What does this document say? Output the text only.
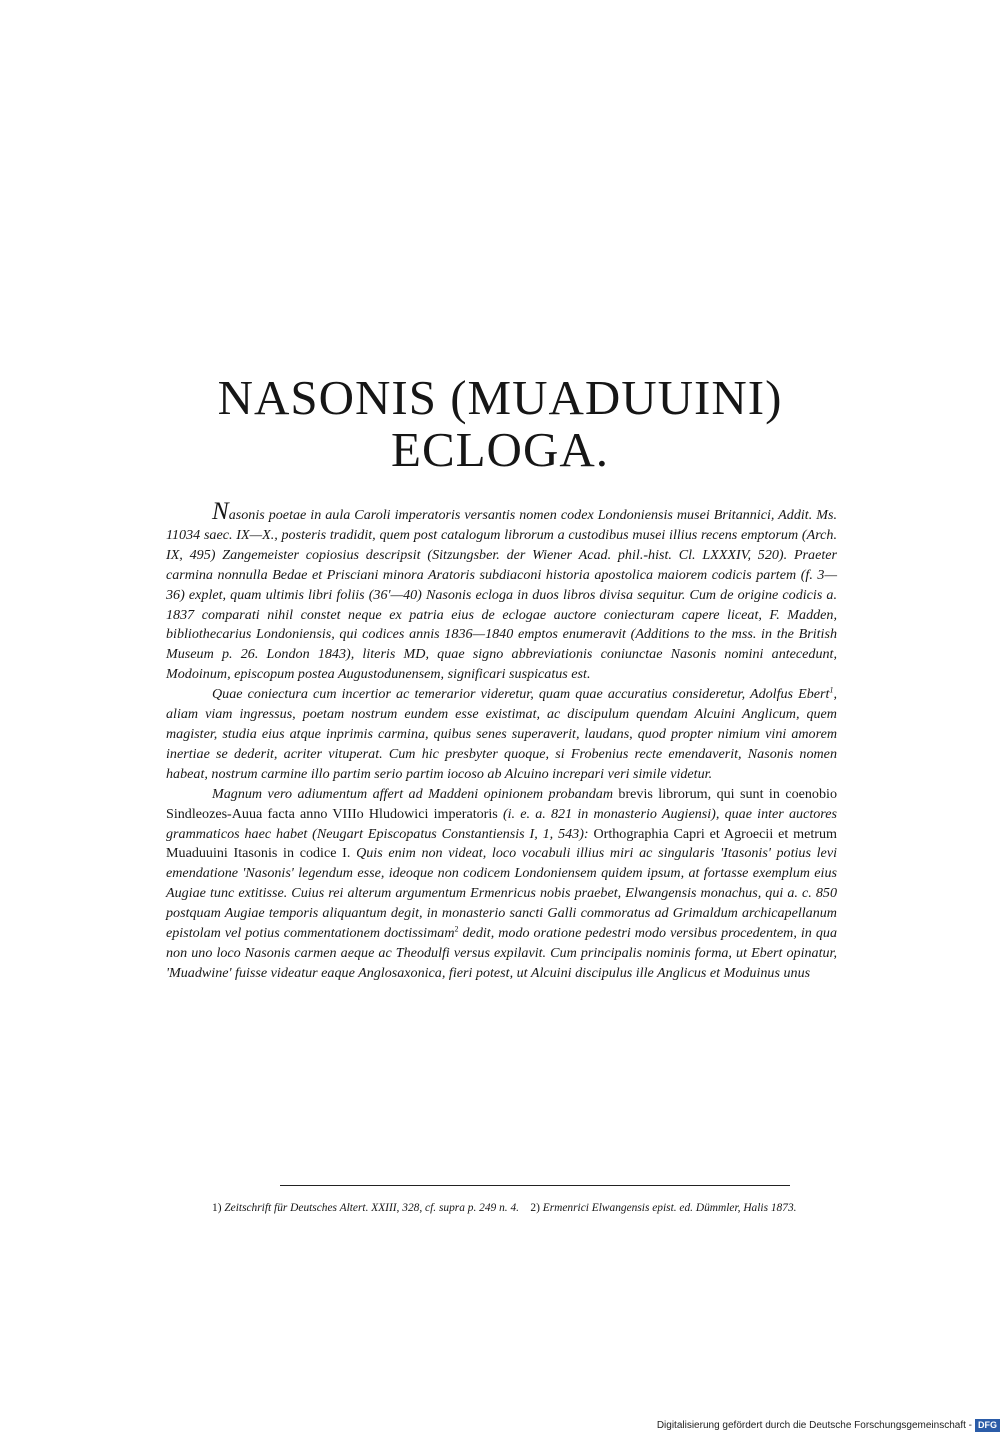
NASONIS (MUADUUINI)
ECLOGA.

Nasonis poetae in aula Caroli imperatoris versantis nomen codex Londoniensis musei Britannici, Addit. Ms. 11034 saec. IX—X., posteris tradidit, quem post catalogum librorum a custodibus musei illius recens emptorum (Arch. IX, 495) Zangemeister copiosius descripsit (Sitzungsber. der Wiener Acad. phil.-hist. Cl. LXXXIV, 520). Praeter carmina nonnulla Bedae et Prisciani minora Aratoris subdiaconi historia apostolica maiorem codicis partem (f. 3—36) explet, quam ultimis libri foliis (36'—40) Nasonis ecloga in duos libros divisa sequitur. Cum de origine codicis a. 1837 comparati nihil constet neque ex patria eius de eclogae auctore coniecturam capere liceat, F. Madden, bibliothecarius Londoniensis, qui codices annis 1836—1840 emptos enumeravit (Additions to the mss. in the British Museum p. 26. London 1843), literis MD, quae signo abbreviationis coniunctae Nasonis nomini antecedunt, Modoinum, episcopum postea Augustodunensem, significari suspicatus est.

Quae coniectura cum incertior ac temerarior videretur, quam quae accuratius consideretur, Adolfus Ebert$^1$, aliam viam ingressus, poetam nostrum eundem esse existimat, ac discipulum quendam Alcuini Anglicum, quem magister, studia eius atque inprimis carmina, quibus senes superaverit, laudans, quod propter nimium vini amorem inertiae se dederit, acriter vituperat. Cum hic presbyter quoque, si Frobenius recte emendaverit, Nasonis nomen habeat, nostrum carmine illo partim serio partim iocoso ab Alcuino increpari veri simile videtur.

Magnum vero adiumentum affert ad Maddeni opinionem probandam brevis librorum, qui sunt in coenobio Sindleozes-Auua facta anno VIIIo Hludowici imperatoris (i. e. a. 821 in monasterio Augiensi), quae inter auctores grammaticos haec habet (Neugart Episcopatus Constantiensis I, 1, 543): Orthographia Capri et Agroecii et metrum Muaduuini Itasonis in codice I. Quis enim non videat, loco vocabuli illius miri ac singularis 'Itasonis' potius levi emendatione 'Nasonis' legendum esse, ideoque non codicem Londoniensem quidem ipsum, at fortasse exemplum eius Augiae tunc extitisse. Cuius rei alterum argumentum Ermenricus nobis praebet, Elwangensis monachus, qui a. c. 850 postquam Augiae temporis aliquantum degit, in monasterio sancti Galli commoratus ad Grimaldum archicapellanum epistolam vel potius commentationem doctissimam$^2$ dedit, modo oratione pedestri modo versibus procedentem, in qua non uno loco Nasonis carmen aeque ac Theodulfi versus expilavit. Cum principalis nominis forma, ut Ebert opinatur, 'Muadwine' fuisse videatur eaque Anglosaxonica, fieri potest, ut Alcuini discipulus ille Anglicus et Moduinus unus

1) Zeitschrift für Deutsches Altert. XXIII, 328, cf. supra p. 249 n. 4. 2) Ermenrici Elwangensis epist. ed. Dümmler, Halis 1873.

Digitalisierung gefördert durch die Deutsche Forschungsgemeinschaft - DFG
